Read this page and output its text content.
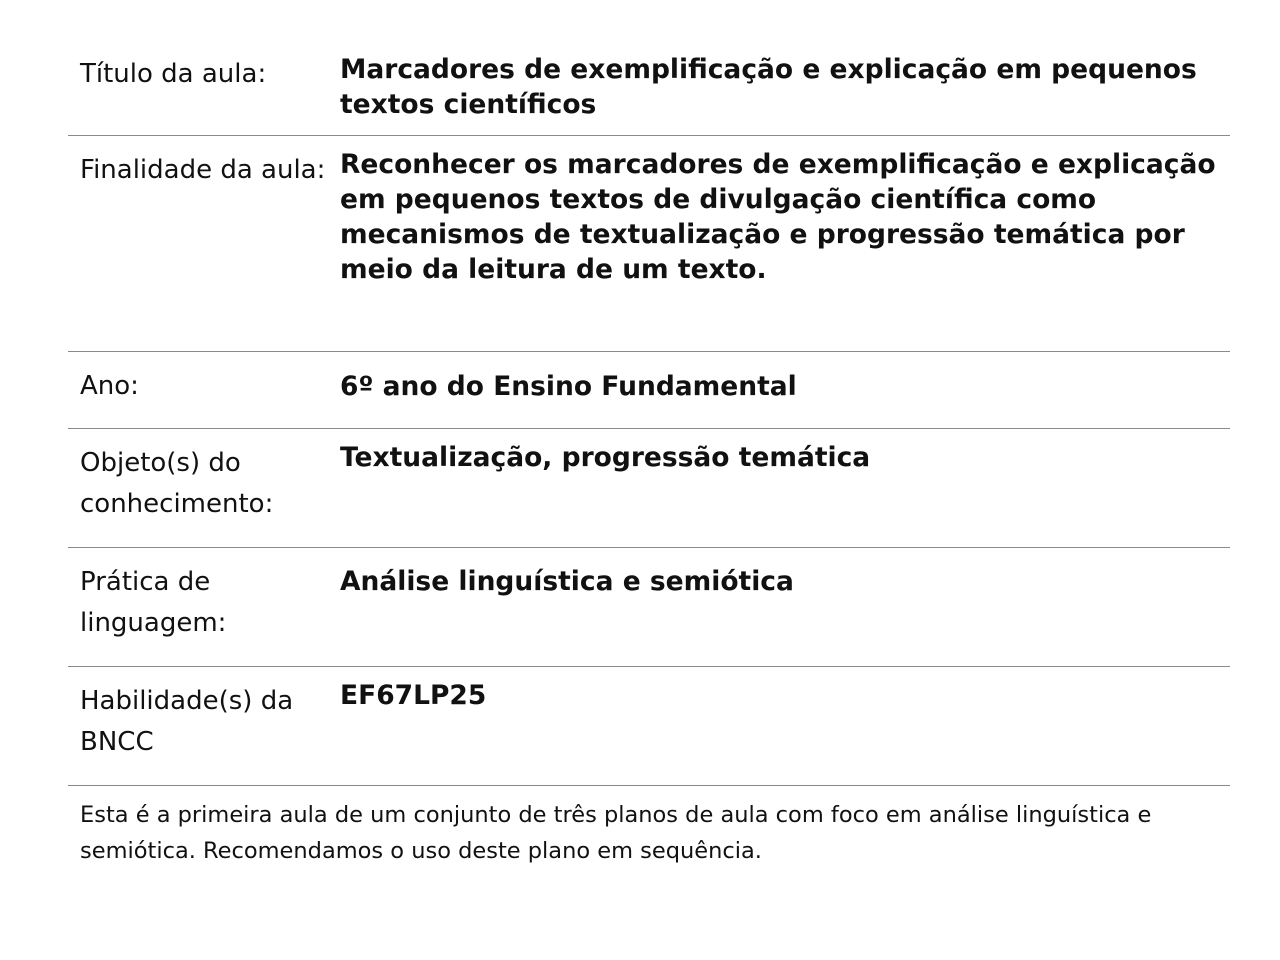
Título da aula:	Marcadores de exemplificação e explicação em pequenos textos científicos
Finalidade da aula: Reconhecer os marcadores de exemplificação e explicação em pequenos textos de divulgação científica como mecanismos de textualização e progressão temática por meio da leitura de um texto.
Ano:	6º ano do Ensino Fundamental
Objeto(s) do conhecimento:
Textualização, progressão temática
Prática de linguagem:
Análise linguística e semiótica
Habilidade(s) da BNCC
EF67LP25
Esta é a primeira aula de um conjunto de três planos de aula com foco em análise linguística e semiótica. Recomendamos o uso deste plano em sequência.
